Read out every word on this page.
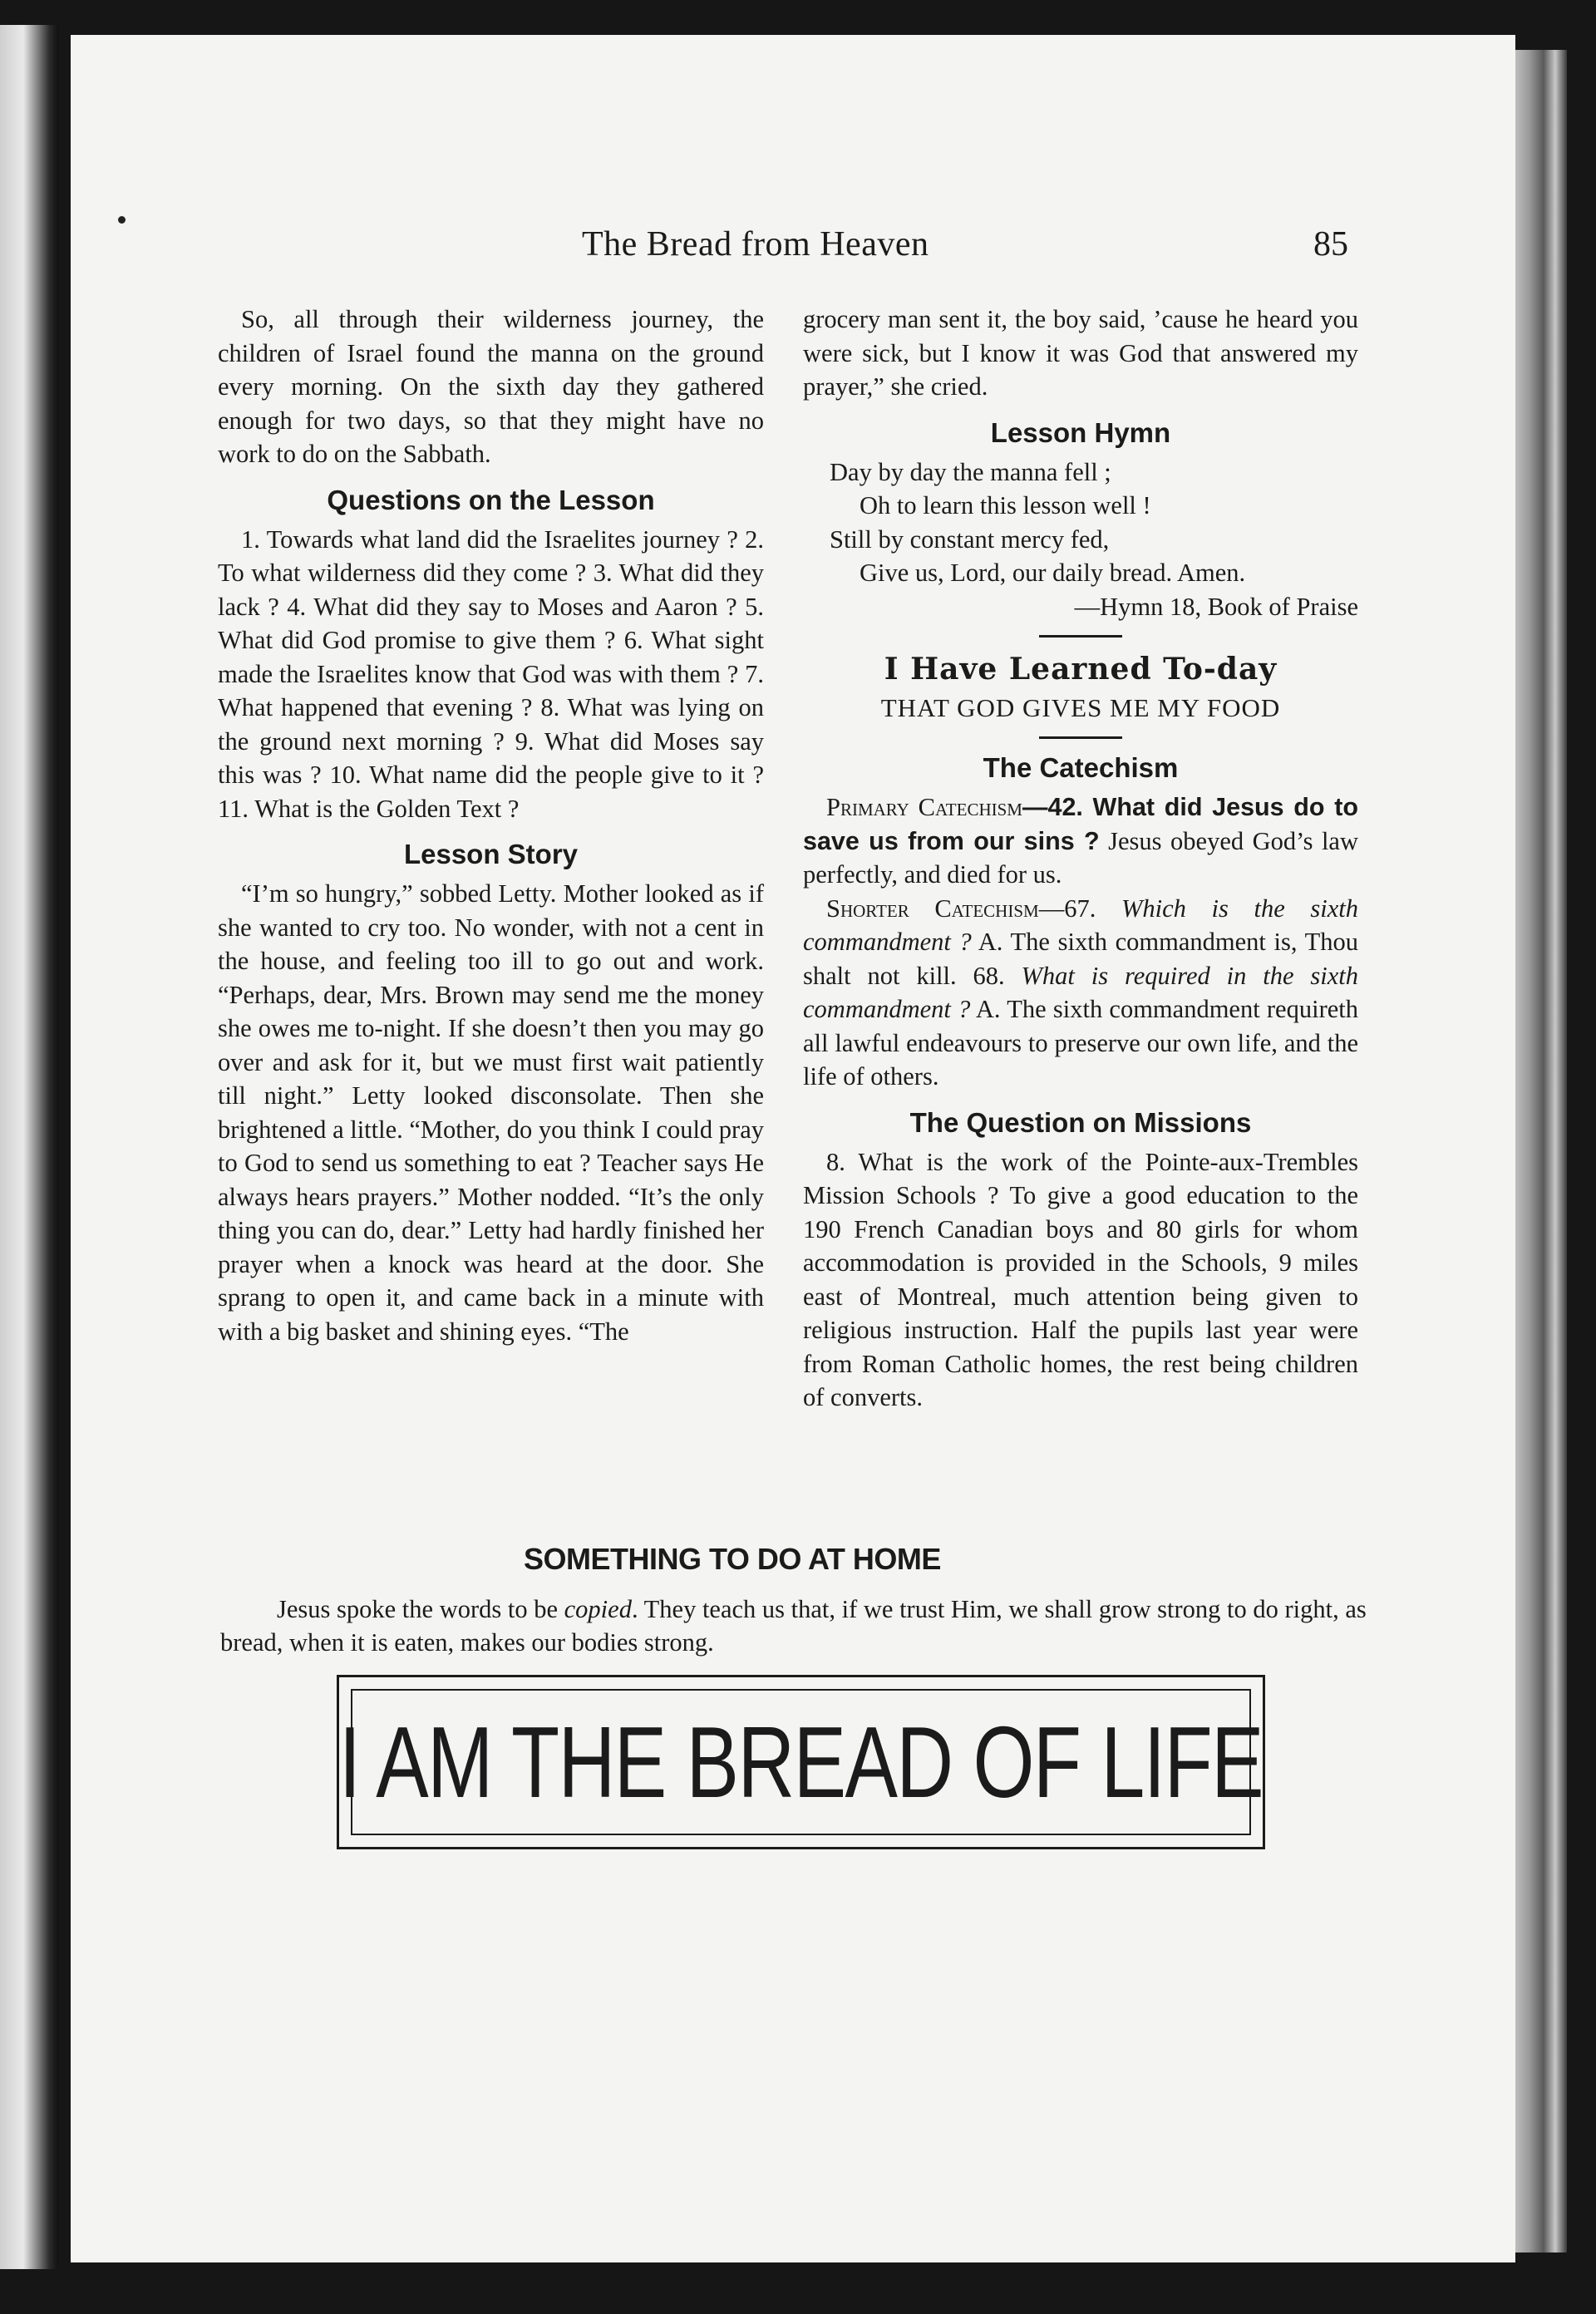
The Bread from Heaven	85

So, all through their wilderness journey, the children of Israel found the manna on the ground every morning. On the sixth day they gathered enough for two days, so that they might have no work to do on the Sabbath.

Questions on the Lesson

1. Towards what land did the Israelites journey ? 2. To what wilderness did they come ? 3. What did they lack ? 4. What did they say to Moses and Aaron ? 5. What did God promise to give them ? 6. What sight made the Israelites know that God was with them ? 7. What happened that evening ? 8. What was lying on the ground next morning ? 9. What did Moses say this was ? 10. What name did the people give to it ? 11. What is the Golden Text ?

Lesson Story

“I’m so hungry,” sobbed Letty. Mother looked as if she wanted to cry too. No wonder, with not a cent in the house, and feeling too ill to go out and work. “Perhaps, dear, Mrs. Brown may send me the money she owes me to-night. If she doesn’t then you may go over and ask for it, but we must first wait patiently till night.” Letty looked disconsolate. Then she brightened a little. “Mother, do you think I could pray to God to send us something to eat ? Teacher says He always hears prayers.” Mother nodded. “It’s the only thing you can do, dear.” Letty had hardly finished her prayer when a knock was heard at the door. She sprang to open it, and came back in a minute with with a big basket and shining eyes. “The

grocery man sent it, the boy said, ’cause he heard you were sick, but I know it was God that answered my prayer,” she cried.

Lesson Hymn

Day by day the manna fell ;

Oh to learn this lesson well !

Still by constant mercy fed,

Give us, Lord, our daily bread. Amen.

—Hymn 18, Book of Praise

I Have Learned To-day
THAT GOD GIVES ME MY FOOD
The Catechism

Primary Catechism—42. What did Jesus do to save us from our sins ? Jesus obeyed God’s law perfectly, and died for us.

Shorter Catechism—67. Which is the sixth commandment ? A. The sixth commandment is, Thou shalt not kill. 68. What is required in the sixth commandment ? A. The sixth commandment requireth all lawful endeavours to preserve our own life, and the life of others.

The Question on Missions

8. What is the work of the Pointe-aux-Trembles Mission Schools ? To give a good education to the 190 French Canadian boys and 80 girls for whom accommodation is provided in the Schools, 9 miles east of Montreal, much attention being given to religious instruction. Half the pupils last year were from Roman Catholic homes, the rest being children of converts.

SOMETHING TO DO AT HOME
Jesus spoke the words to be copied. They teach us that, if we trust Him, we shall grow strong to do right, as bread, when it is eaten, makes our bodies strong.
I AM THE BREAD OF LIFE
